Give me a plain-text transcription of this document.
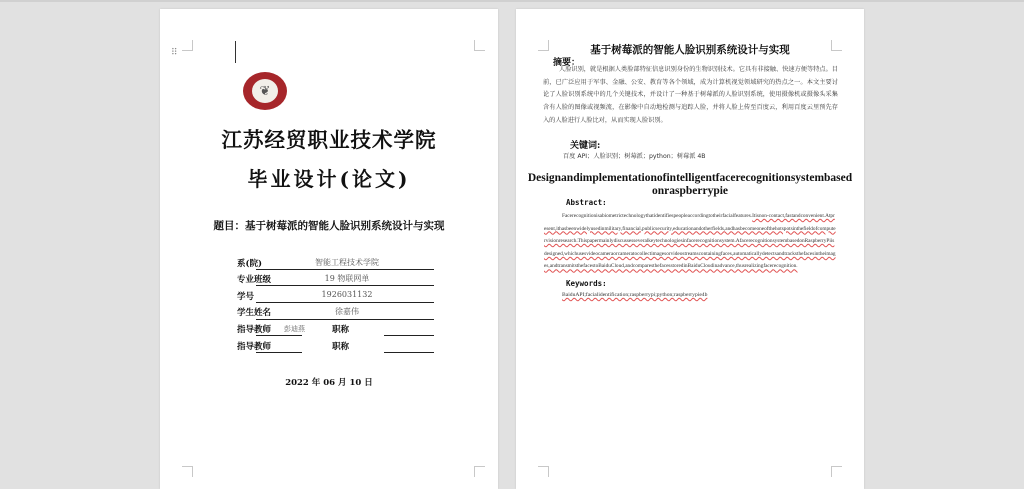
⠿
❦
江苏经贸职业技术学院
毕业设计(论文)
题目：基于树莓派的智能人脸识别系统设计与实现
系(院)	智能工程技术学院
专业班级	19 物联网单
学号	1926031132
学生姓名	徐嘉伟
指导教师 彭迪燕	职称
指导教师	职称
2022 年 06 月 10 日
基于树莓派的智能人脸识别系统设计与实现
摘要：
人脸识别，就是根据人类脸部特征信息识别身份的生物识别技术。它具有非接触、快速方便等特点。目前，已广泛应用于军事、金融、公安、教育等各个领域，成为计算机视觉领域研究的热点之一。本文主要讨论了人脸识别系统中的几个关键技术，并设计了一种基于树莓派的人脸识别系统，使用摄像机或摄像头采集含有人脸的图像或视频流，在影像中自动地检测与追踪人脸，并将人脸上传至百度云，利用百度云里预先存入的人脸进行人脸比对，从而实现人脸识别。
关键词:
百度 API；人脸识别；树莓派；python；树莓派 4B
Designandimplementationofintelligentfacerecognitionsystembasedonraspberrypie
Abstract:
Facerecognitionisabiometrictechnologythatidentifiespeopleaccordingtotheirfacialfeatures.Itisnon-contact,fastandconvenient.Atpresent,ithasbeenwidelyusedinmilitary,financial,publicsecurity,educationandotherfields,andhasbecomeoneofthehotspotsinthefieldofcomputervisionresearch.Thispapermainlydiscussesseveralkeytechnologiesinfacerecognitionsystem.AfacerecognitionsystembasedonRaspberryPiisdesigned,whichusesvideocameraorcameratocollectimagesorvideostreamscontainingfaces,automaticallydetectsandtracksthefacesintheimages,andtransmitsthefacestoBaiduCloud,andcomparesthefacesstoredinBaiduCloudinadvance,thusrealizingfacerecognition.
Keywords:
BaiduAPI;facialidentification;raspberrypi;python;raspberrypie4b
